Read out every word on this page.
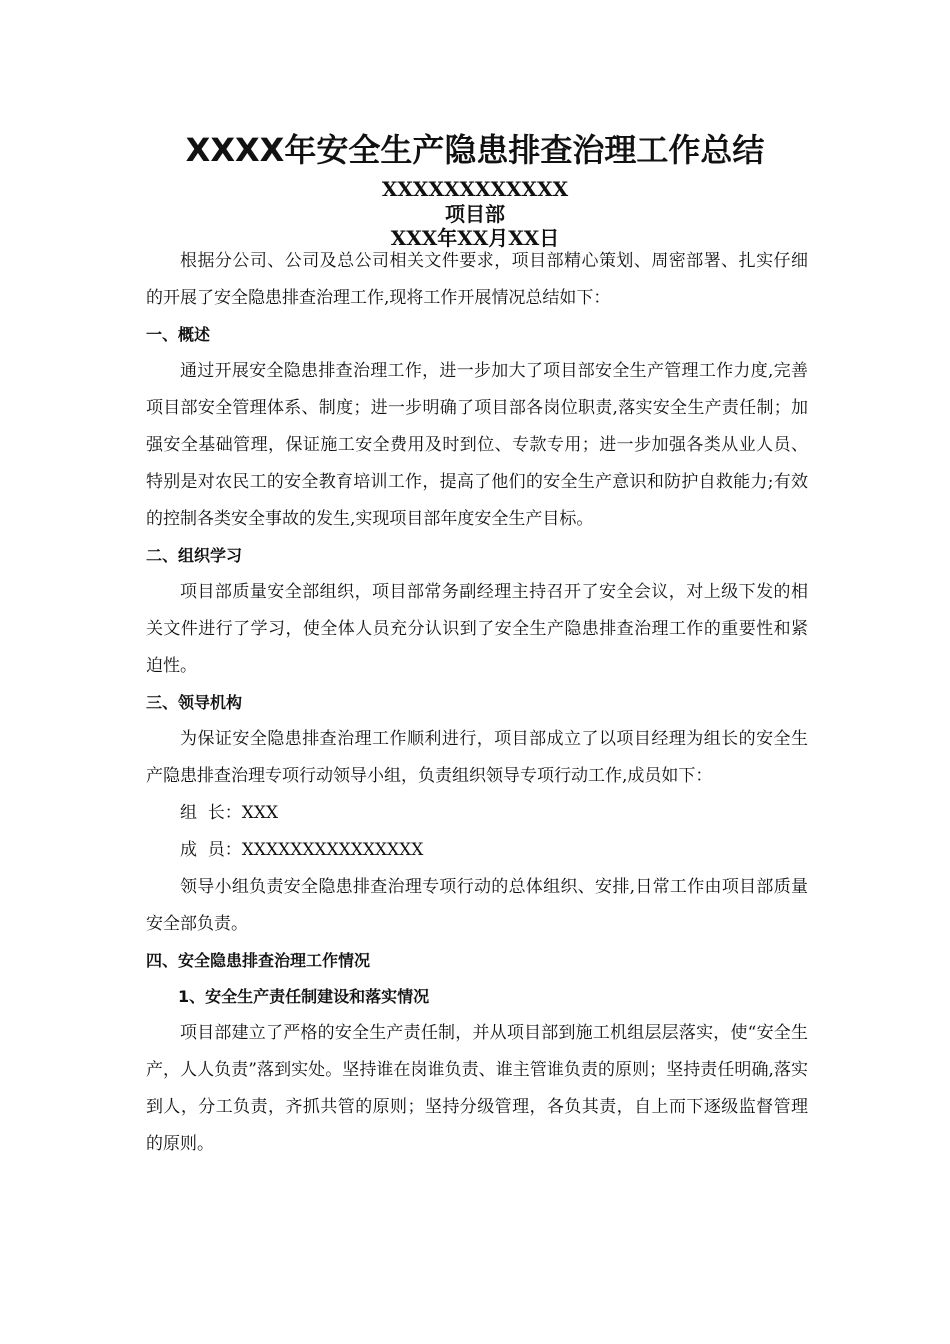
XXXX年安全生产隐患排查治理工作总结
XXXXXXXXXXXX
项目部
XXX年XX月XX日

根据分公司、公司及总公司相关文件要求，项目部精心策划、周密部署、扎实仔细的开展了安全隐患排查治理工作,现将工作开展情况总结如下：

一、概述

通过开展安全隐患排查治理工作，进一步加大了项目部安全生产管理工作力度,完善项目部安全管理体系、制度；进一步明确了项目部各岗位职责,落实安全生产责任制；加强安全基础管理，保证施工安全费用及时到位、专款专用；进一步加强各类从业人员、特别是对农民工的安全教育培训工作，提高了他们的安全生产意识和防护自救能力;有效的控制各类安全事故的发生,实现项目部年度安全生产目标。

二、组织学习

项目部质量安全部组织，项目部常务副经理主持召开了安全会议，对上级下发的相关文件进行了学习，使全体人员充分认识到了安全生产隐患排查治理工作的重要性和紧迫性。

三、领导机构

为保证安全隐患排查治理工作顺利进行，项目部成立了以项目经理为组长的安全生产隐患排查治理专项行动领导小组，负责组织领导专项行动工作,成员如下：

组  长：XXX

成  员：XXXXXXXXXXXXXXX

领导小组负责安全隐患排查治理专项行动的总体组织、安排,日常工作由项目部质量安全部负责。

四、安全隐患排查治理工作情况

1、安全生产责任制建设和落实情况

项目部建立了严格的安全生产责任制，并从项目部到施工机组层层落实，使“安全生产，人人负责”落到实处。坚持谁在岗谁负责、谁主管谁负责的原则；坚持责任明确,落实到人，分工负责，齐抓共管的原则；坚持分级管理，各负其责，自上而下逐级监督管理的原则。
